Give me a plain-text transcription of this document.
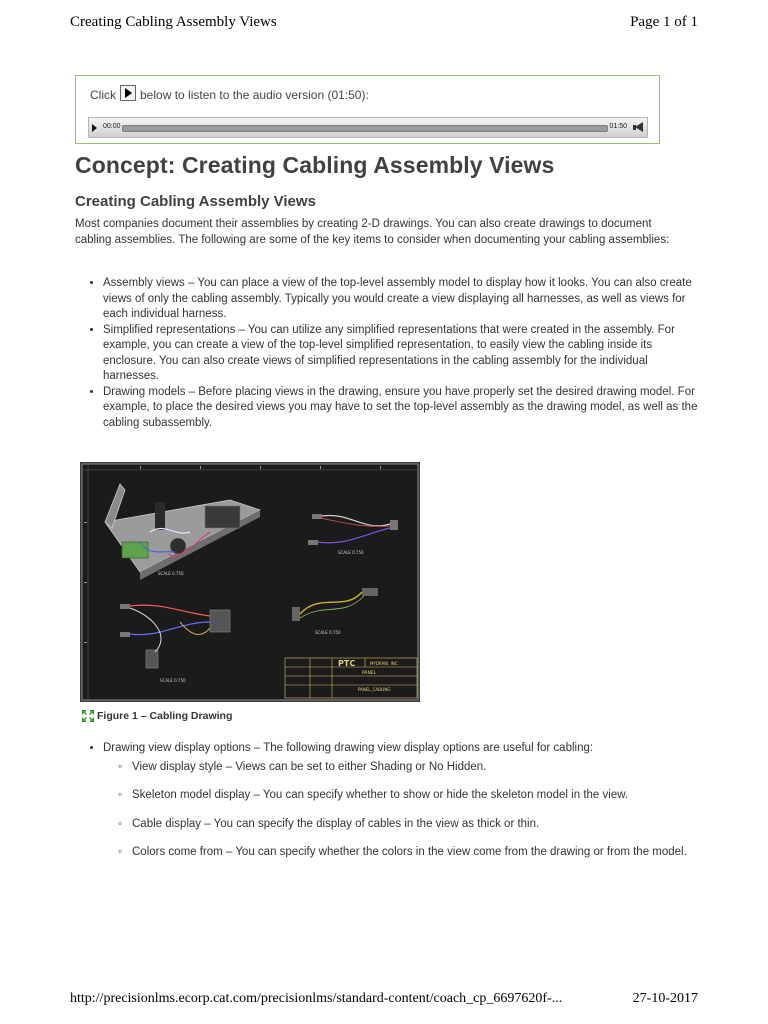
Creating Cabling Assembly Views	Page 1 of 1
Click below to listen to the audio version (01:50):
00:00	01:50
Concept: Creating Cabling Assembly Views
Creating Cabling Assembly Views

Most companies document their assemblies by creating 2-D drawings. You can also create drawings to document cabling assemblies. The following are some of the key items to consider when documenting your cabling assemblies:

• Assembly views – You can place a view of the top-level assembly model to display how it looks. You can also create views of only the cabling assembly. Typically you would create a view displaying all harnesses, as well as views for each individual harness.
• Simplified representations – You can utilize any simplified representations that were created in the assembly. For example, you can create a view of the top-level simplified representation, to easily view the cabling inside its enclosure. You can also create views of simplified representations in the cabling assembly for the individual harnesses.
• Drawing models – Before placing views in the drawing, ensure you have properly set the desired drawing model. For example, to place the desired views you may have to set the top-level assembly as the drawing model, as well as the cabling subassembly.
SCALE 0.750
SCALE 0.750
SCALE 0.750
SCALE 0.750
PTC	MYDRAW, INC.
PANEL
PANEL_CABLING
Figure 1 – Cabling Drawing
• Drawing view display options – The following drawing view display options are useful for cabling:
◦ View display style – Views can be set to either Shading or No Hidden.
◦ Skeleton model display – You can specify whether to show or hide the skeleton model in the view.
◦ Cable display – You can specify the display of cables in the view as thick or thin.
◦ Colors come from – You can specify whether the colors in the view come from the drawing or from the model.
http://precisionlms.ecorp.cat.com/precisionlms/standard-content/coach_cp_6697620f-...	27-10-2017
